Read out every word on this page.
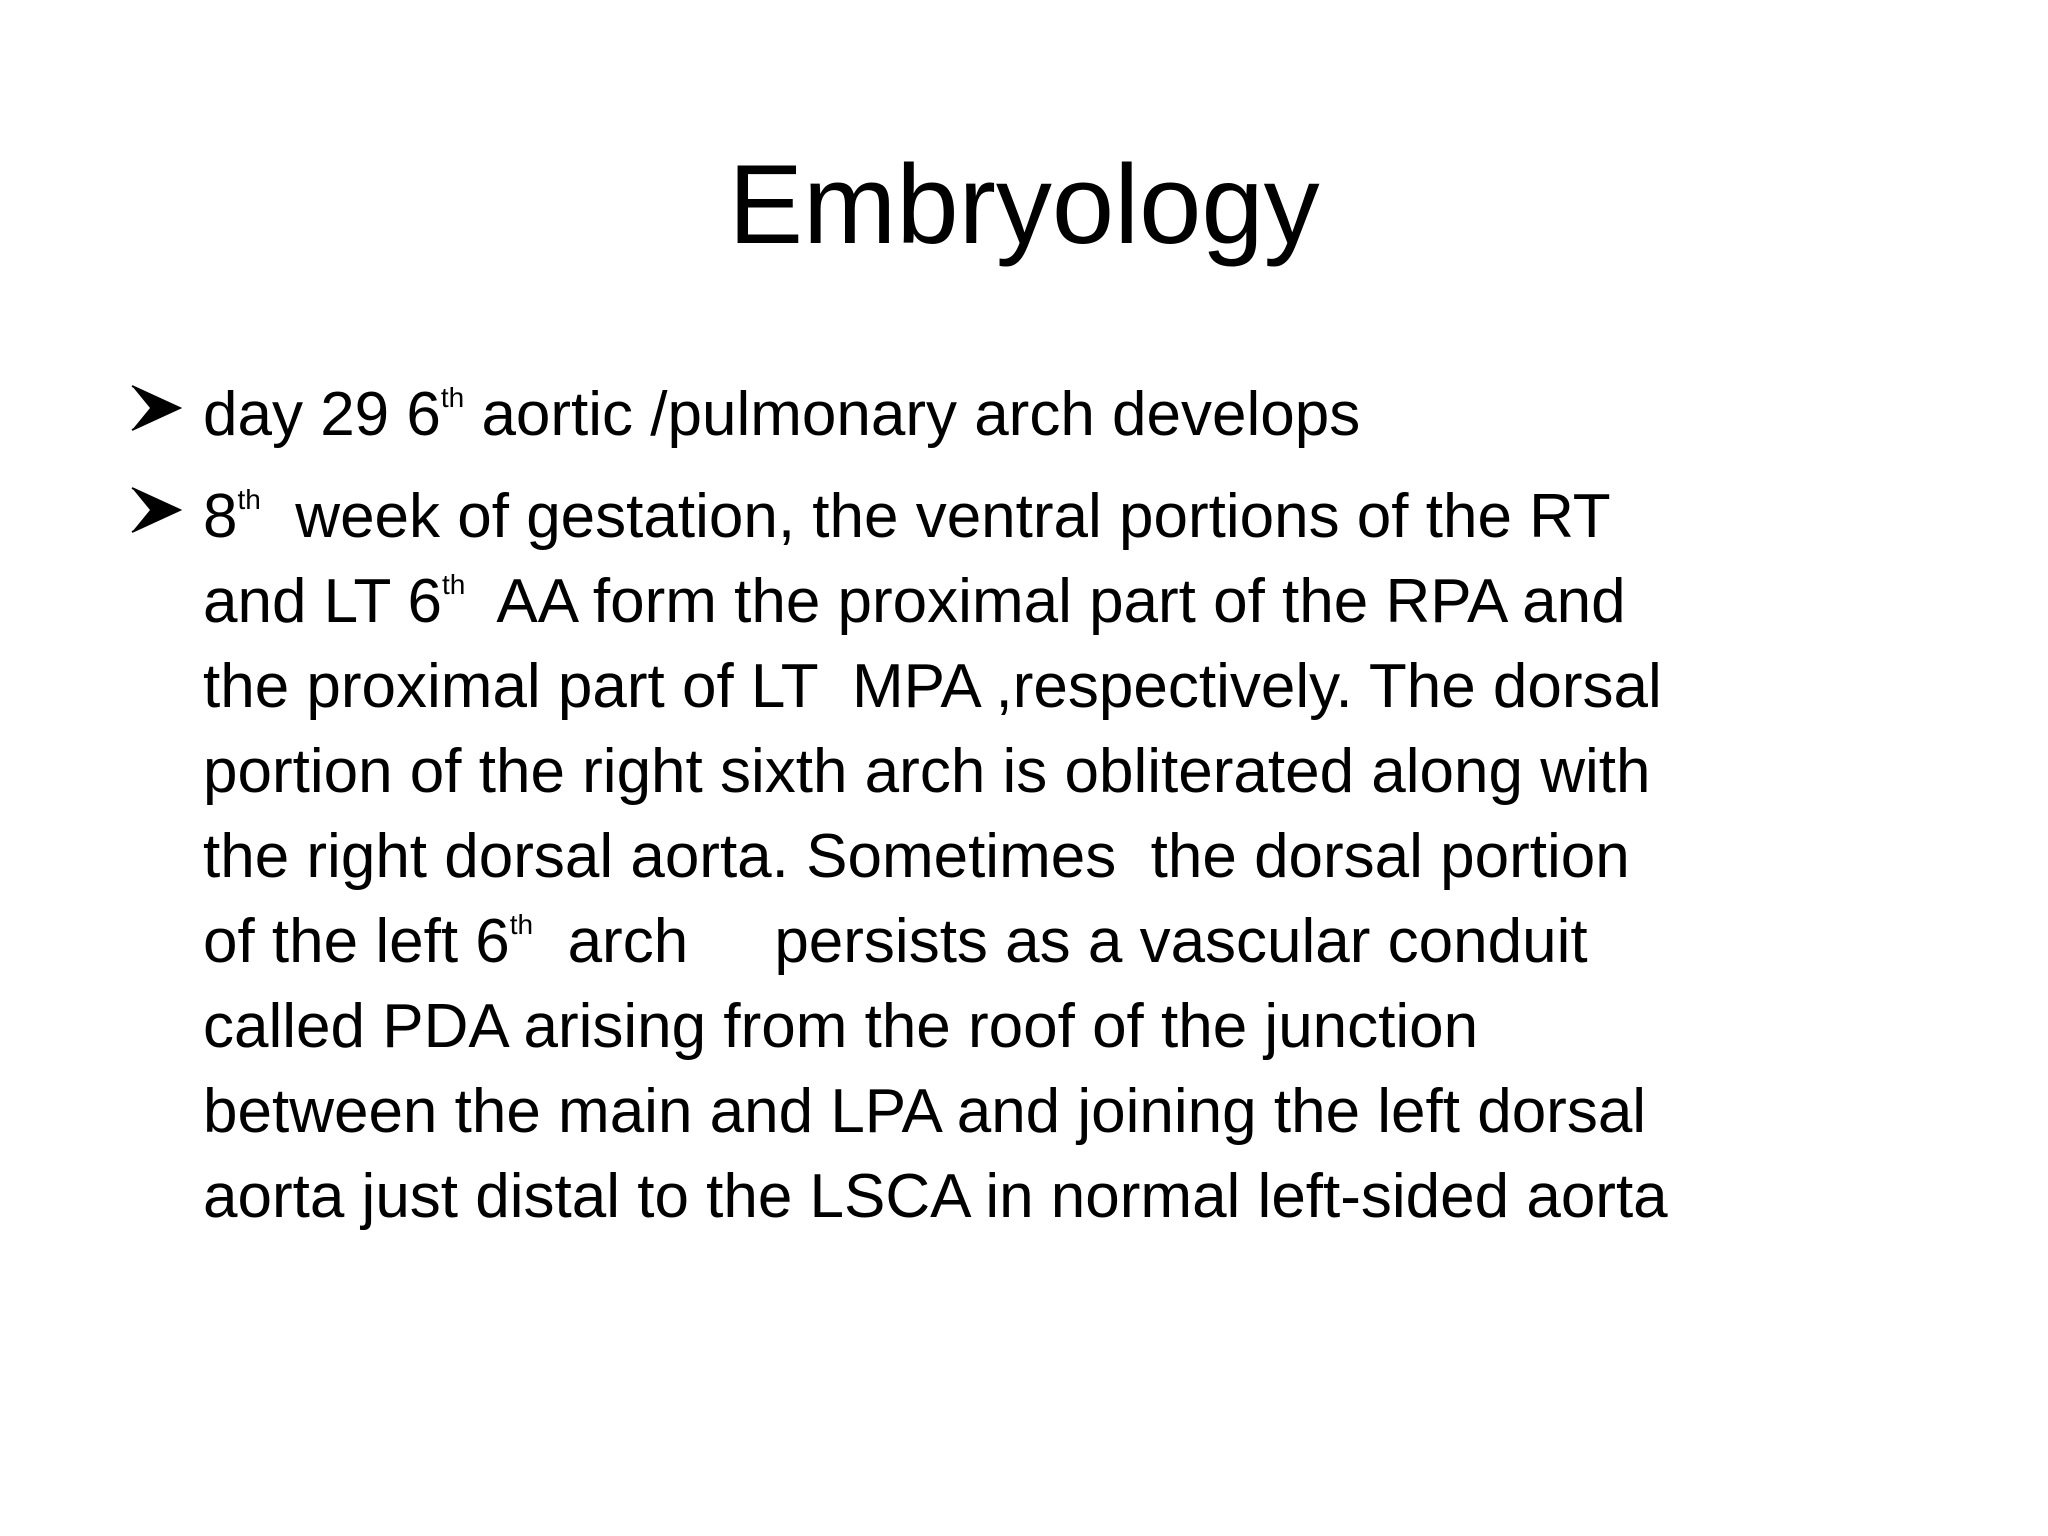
Embryology
day 29 6th aortic /pulmonary arch develops
8th  week of gestation, the ventral portions of the RT
and LT 6th  AA form the proximal part of the RPA and
the proximal part of LT  MPA ,respectively. The dorsal
portion of the right sixth arch is obliterated along with
the right dorsal aorta. Sometimes  the dorsal portion
of the left 6th  arch     persists as a vascular conduit
called PDA arising from the roof of the junction
between the main and LPA and joining the left dorsal
aorta just distal to the LSCA in normal left-sided aorta
